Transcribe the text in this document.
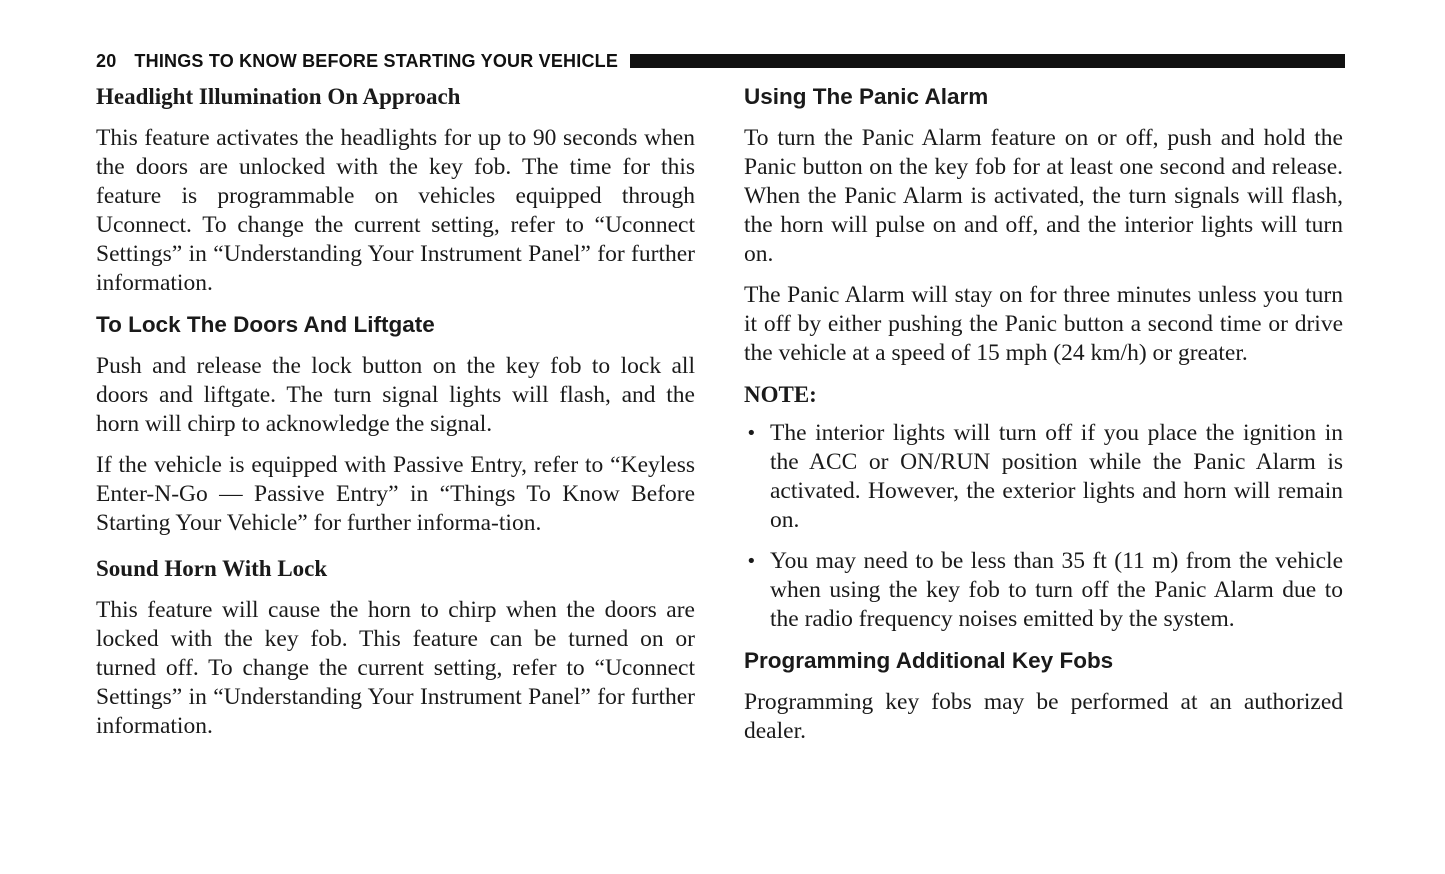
20 THINGS TO KNOW BEFORE STARTING YOUR VEHICLE
Headlight Illumination On Approach

This feature activates the headlights for up to 90 seconds when the doors are unlocked with the key fob. The time for this feature is programmable on vehicles equipped through Uconnect. To change the current setting, refer to “Uconnect Settings” in “Understanding Your Instrument Panel” for further information.

To Lock The Doors And Liftgate

Push and release the lock button on the key fob to lock all doors and liftgate. The turn signal lights will flash, and the horn will chirp to acknowledge the signal.

If the vehicle is equipped with Passive Entry, refer to “Keyless Enter-N-Go — Passive Entry” in “Things To Know Before Starting Your Vehicle” for further informa-tion.

Sound Horn With Lock

This feature will cause the horn to chirp when the doors are locked with the key fob. This feature can be turned on or turned off. To change the current setting, refer to “Uconnect Settings” in “Understanding Your Instrument Panel” for further information.

Using The Panic Alarm

To turn the Panic Alarm feature on or off, push and hold the Panic button on the key fob for at least one second and release. When the Panic Alarm is activated, the turn signals will flash, the horn will pulse on and off, and the interior lights will turn on.

The Panic Alarm will stay on for three minutes unless you turn it off by either pushing the Panic button a second time or drive the vehicle at a speed of 15 mph (24 km/h) or greater.

NOTE:
• The interior lights will turn off if you place the ignition in the ACC or ON/RUN position while the Panic Alarm is activated. However, the exterior lights and horn will remain on.
• You may need to be less than 35 ft (11 m) from the vehicle when using the key fob to turn off the Panic Alarm due to the radio frequency noises emitted by the system.
Programming Additional Key Fobs

Programming key fobs may be performed at an authorized dealer.
